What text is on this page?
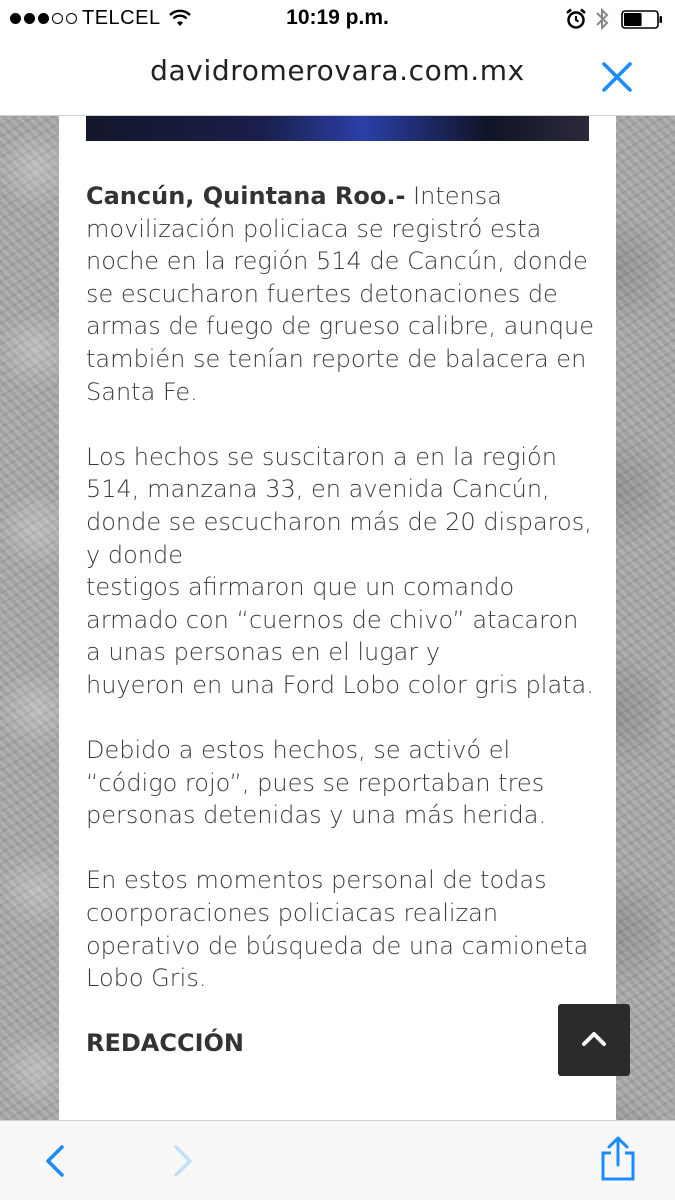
TELCEL	10:19 p.m.
davidromerovara.com.mx

Cancún, Quintana Roo.- Intensa movilización policiaca se registró esta noche en la región 514 de Cancún, donde se escucharon fuertes detonaciones de armas de fuego de grueso calibre, aunque también se tenían reporte de balacera en Santa Fe.

Los hechos se suscitaron a en la región 514, manzana 33, en avenida Cancún, donde se escucharon más de 20 disparos, y donde
testigos afirmaron que un comando armado con “cuernos de chivo” atacaron a unas personas en el lugar y
huyeron en una Ford Lobo color gris plata.

Debido a estos hechos, se activó el “código rojo”, pues se reportaban tres personas detenidas y una más herida.

En estos momentos personal de todas coorporaciones policiacas realizan operativo de búsqueda de una camioneta Lobo Gris.

REDACCIÓN
